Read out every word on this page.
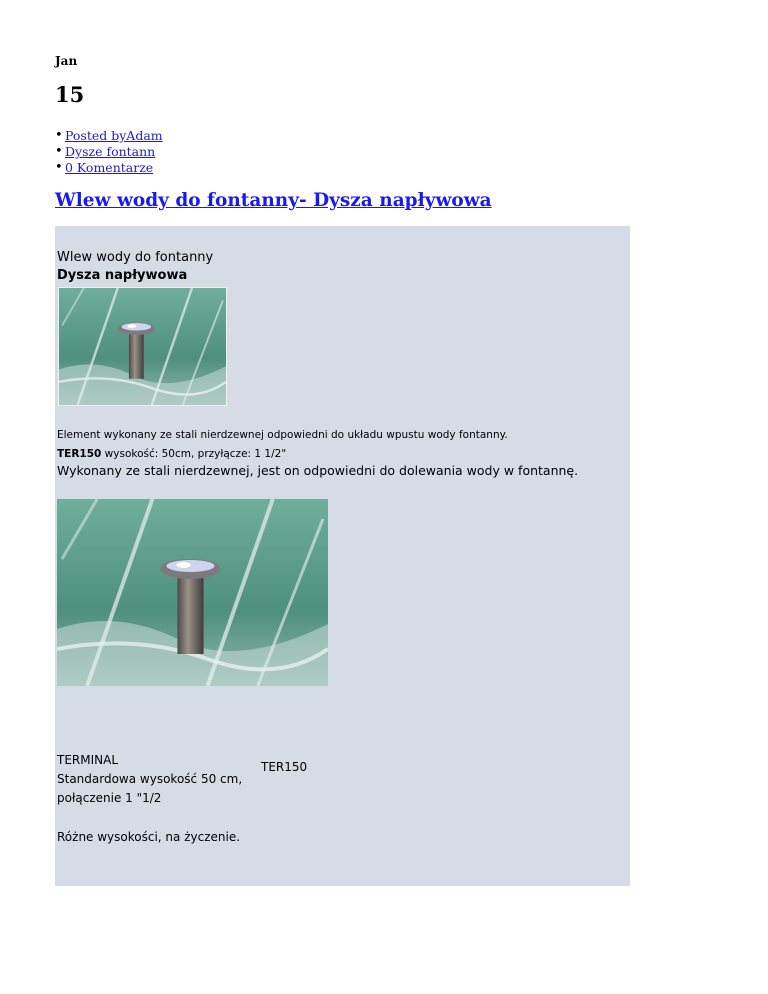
Jan
15
• Posted byAdam
• Dysze fontann
• 0 Komentarze
Wlew wody do fontanny- Dysza napływowa
Wlew wody do fontanny
Dysza napływowa
Element wykonany ze stali nierdzewnej odpowiedni do układu wpustu wody fontanny.
TER150 wysokość: 50cm, przyłącze: 1 1/2"
Wykonany ze stali nierdzewnej, jest on odpowiedni do dolewania wody w fontannę.
TERMINAL
Standardowa wysokość 50 cm, połączenie 1 "1/2
TER150
Różne wysokości, na życzenie.
